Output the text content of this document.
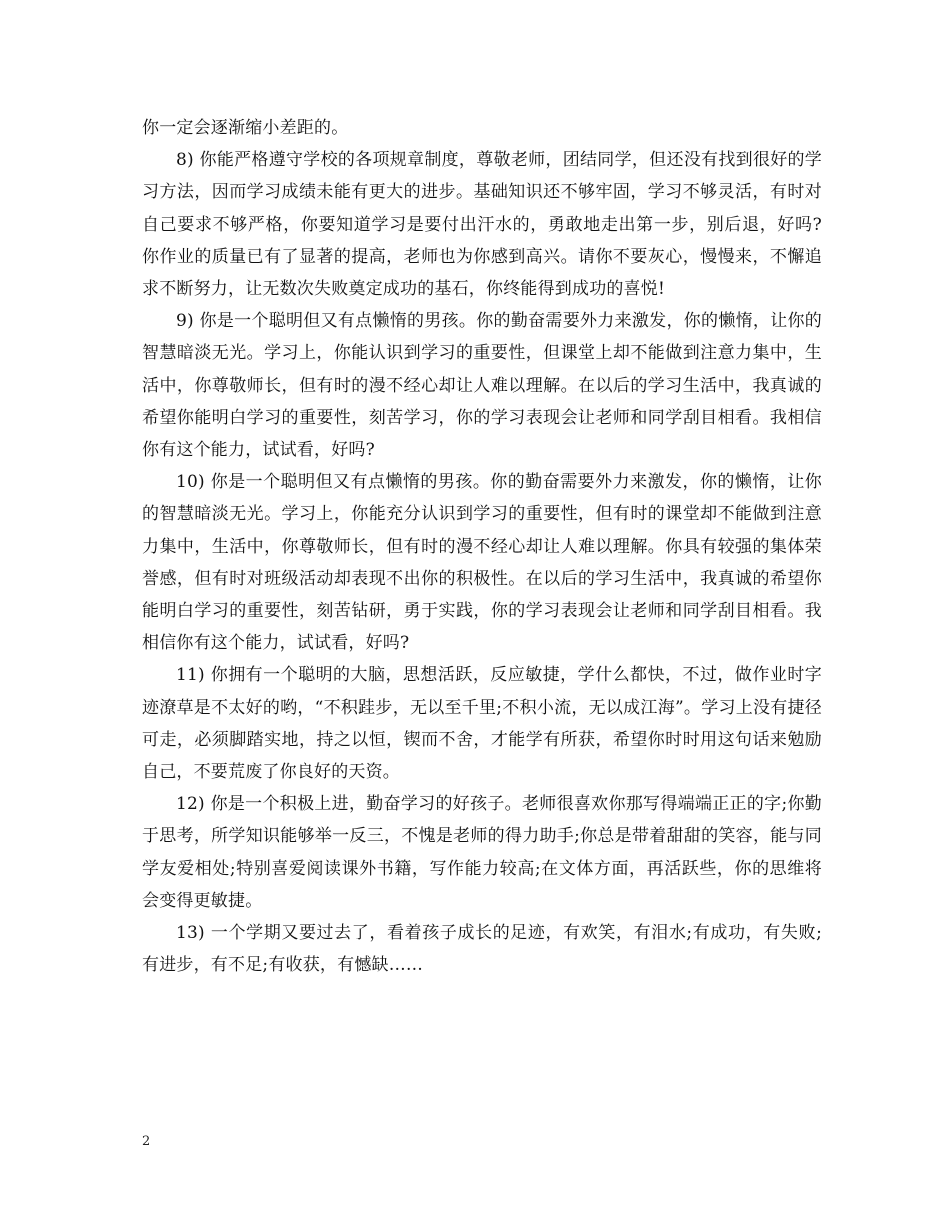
你一定会逐渐缩小差距的。

8) 你能严格遵守学校的各项规章制度，尊敬老师，团结同学，但还没有找到很好的学习方法，因而学习成绩未能有更大的进步。基础知识还不够牢固，学习不够灵活，有时对自己要求不够严格，你要知道学习是要付出汗水的，勇敢地走出第一步，别后退，好吗?你作业的质量已有了显著的提高，老师也为你感到高兴。请你不要灰心，慢慢来，不懈追求不断努力，让无数次失败奠定成功的基石，你终能得到成功的喜悦!

9) 你是一个聪明但又有点懒惰的男孩。你的勤奋需要外力来激发，你的懒惰，让你的智慧暗淡无光。学习上，你能认识到学习的重要性，但课堂上却不能做到注意力集中，生活中，你尊敬师长，但有时的漫不经心却让人难以理解。在以后的学习生活中，我真诚的希望你能明白学习的重要性，刻苦学习，你的学习表现会让老师和同学刮目相看。我相信你有这个能力，试试看，好吗?

10) 你是一个聪明但又有点懒惰的男孩。你的勤奋需要外力来激发，你的懒惰，让你的智慧暗淡无光。学习上，你能充分认识到学习的重要性，但有时的课堂却不能做到注意力集中，生活中，你尊敬师长，但有时的漫不经心却让人难以理解。你具有较强的集体荣誉感，但有时对班级活动却表现不出你的积极性。在以后的学习生活中，我真诚的希望你能明白学习的重要性，刻苦钻研，勇于实践，你的学习表现会让老师和同学刮目相看。我相信你有这个能力，试试看，好吗?

11) 你拥有一个聪明的大脑，思想活跃，反应敏捷，学什么都快，不过，做作业时字迹潦草是不太好的哟，“不积跬步，无以至千里;不积小流，无以成江海”。学习上没有捷径可走，必须脚踏实地，持之以恒，锲而不舍，才能学有所获，希望你时时用这句话来勉励自己，不要荒废了你良好的天资。

12) 你是一个积极上进，勤奋学习的好孩子。老师很喜欢你那写得端端正正的字;你勤于思考，所学知识能够举一反三，不愧是老师的得力助手;你总是带着甜甜的笑容，能与同学友爱相处;特别喜爱阅读课外书籍，写作能力较高;在文体方面，再活跃些，你的思维将会变得更敏捷。

13) 一个学期又要过去了，看着孩子成长的足迹，有欢笑，有泪水;有成功，有失败;有进步，有不足;有收获，有憾缺……

2
